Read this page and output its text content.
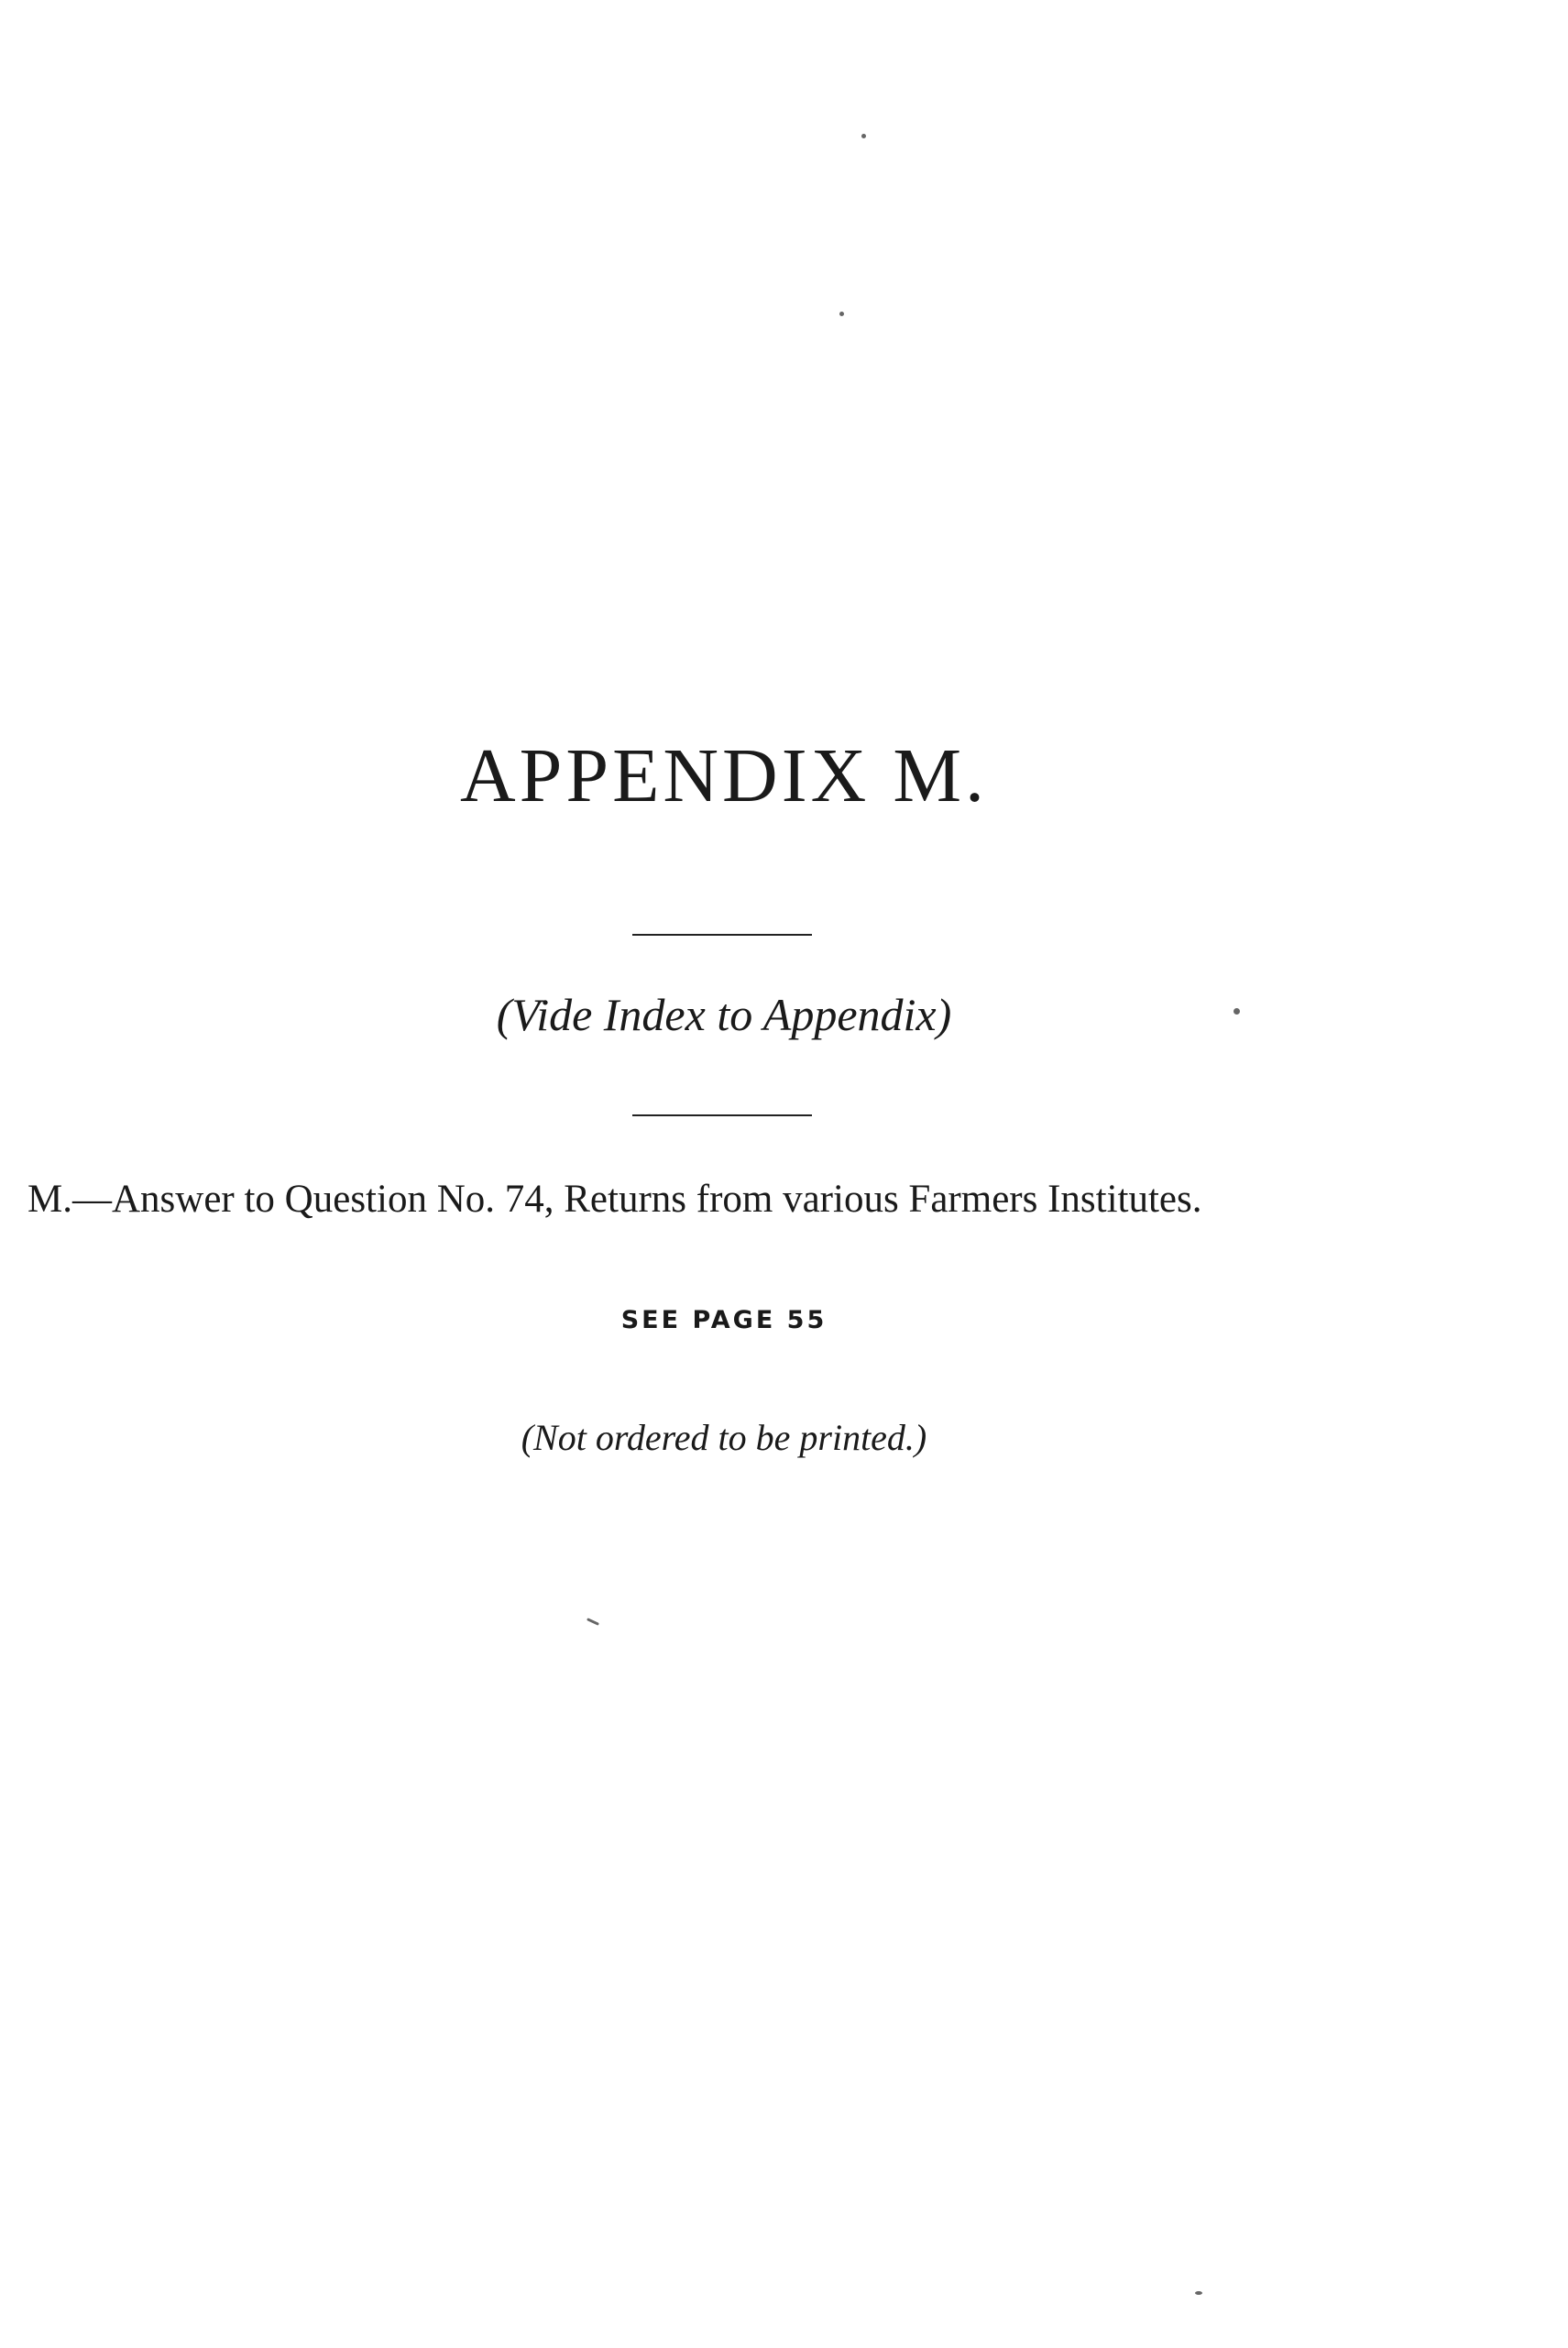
APPENDIX M.
(Vide Index to Appendix)
M.—Answer to Question No. 74, Returns from various Farmers Institutes.
SEE PAGE 55
(Not ordered to be printed.)
